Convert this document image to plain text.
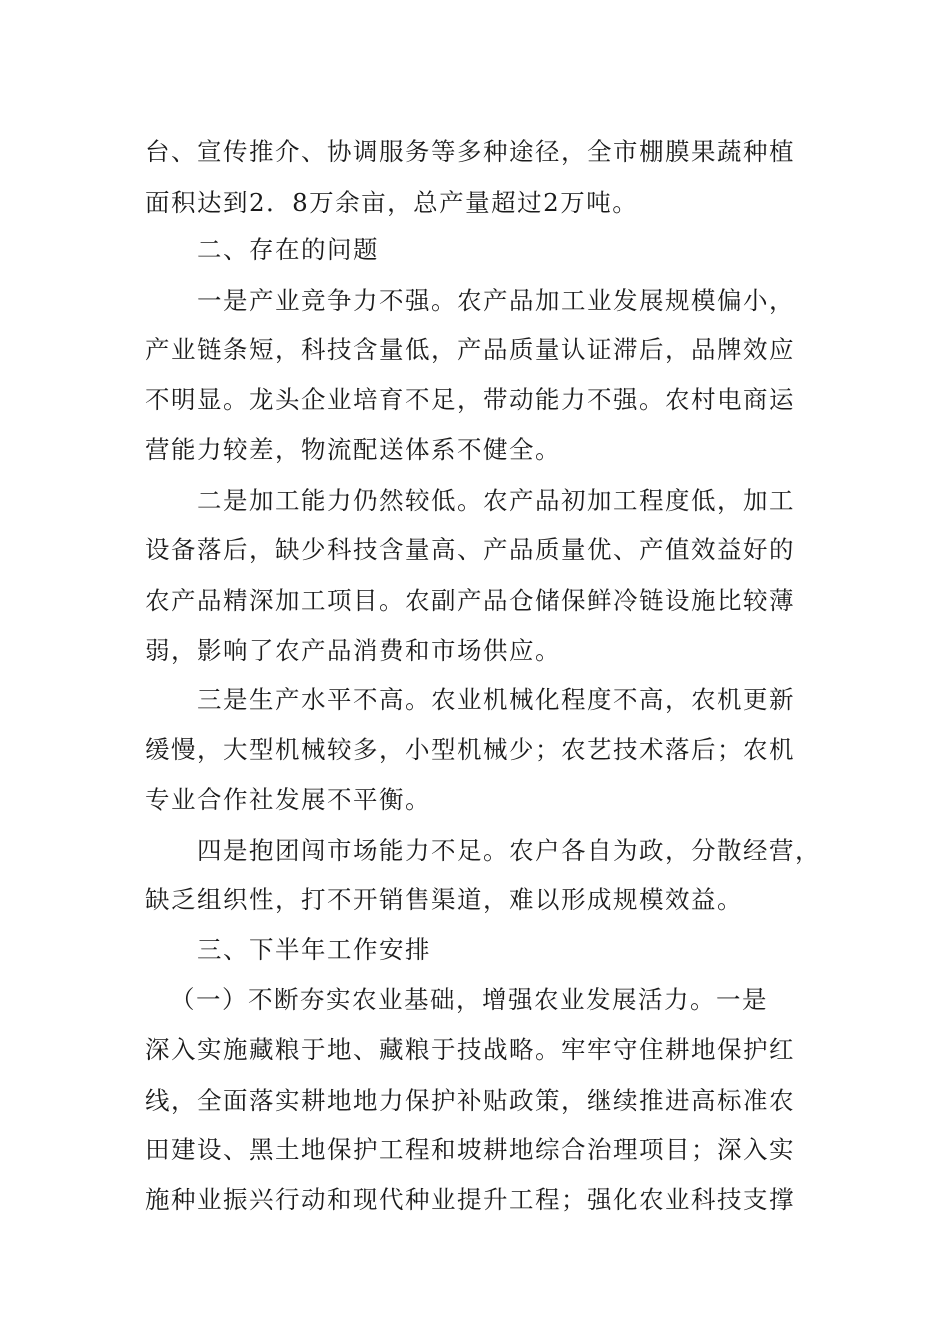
台、宣传推介、协调服务等多种途径，全市棚膜果蔬种植
面积达到2．8万余亩，总产量超过2万吨。
二、存在的问题
一是产业竞争力不强。农产品加工业发展规模偏小，
产业链条短，科技含量低，产品质量认证滞后，品牌效应
不明显。龙头企业培育不足，带动能力不强。农村电商运
营能力较差，物流配送体系不健全。
二是加工能力仍然较低。农产品初加工程度低，加工
设备落后，缺少科技含量高、产品质量优、产值效益好的
农产品精深加工项目。农副产品仓储保鲜冷链设施比较薄
弱，影响了农产品消费和市场供应。
三是生产水平不高。农业机械化程度不高，农机更新
缓慢，大型机械较多，小型机械少；农艺技术落后；农机
专业合作社发展不平衡。
四是抱团闯市场能力不足。农户各自为政，分散经营，
缺乏组织性，打不开销售渠道，难以形成规模效益。
三、下半年工作安排
（一）不断夯实农业基础，增强农业发展活力。一是
深入实施藏粮于地、藏粮于技战略。牢牢守住耕地保护红
线，全面落实耕地地力保护补贴政策，继续推进高标准农
田建设、黑土地保护工程和坡耕地综合治理项目；深入实
施种业振兴行动和现代种业提升工程；强化农业科技支撑
